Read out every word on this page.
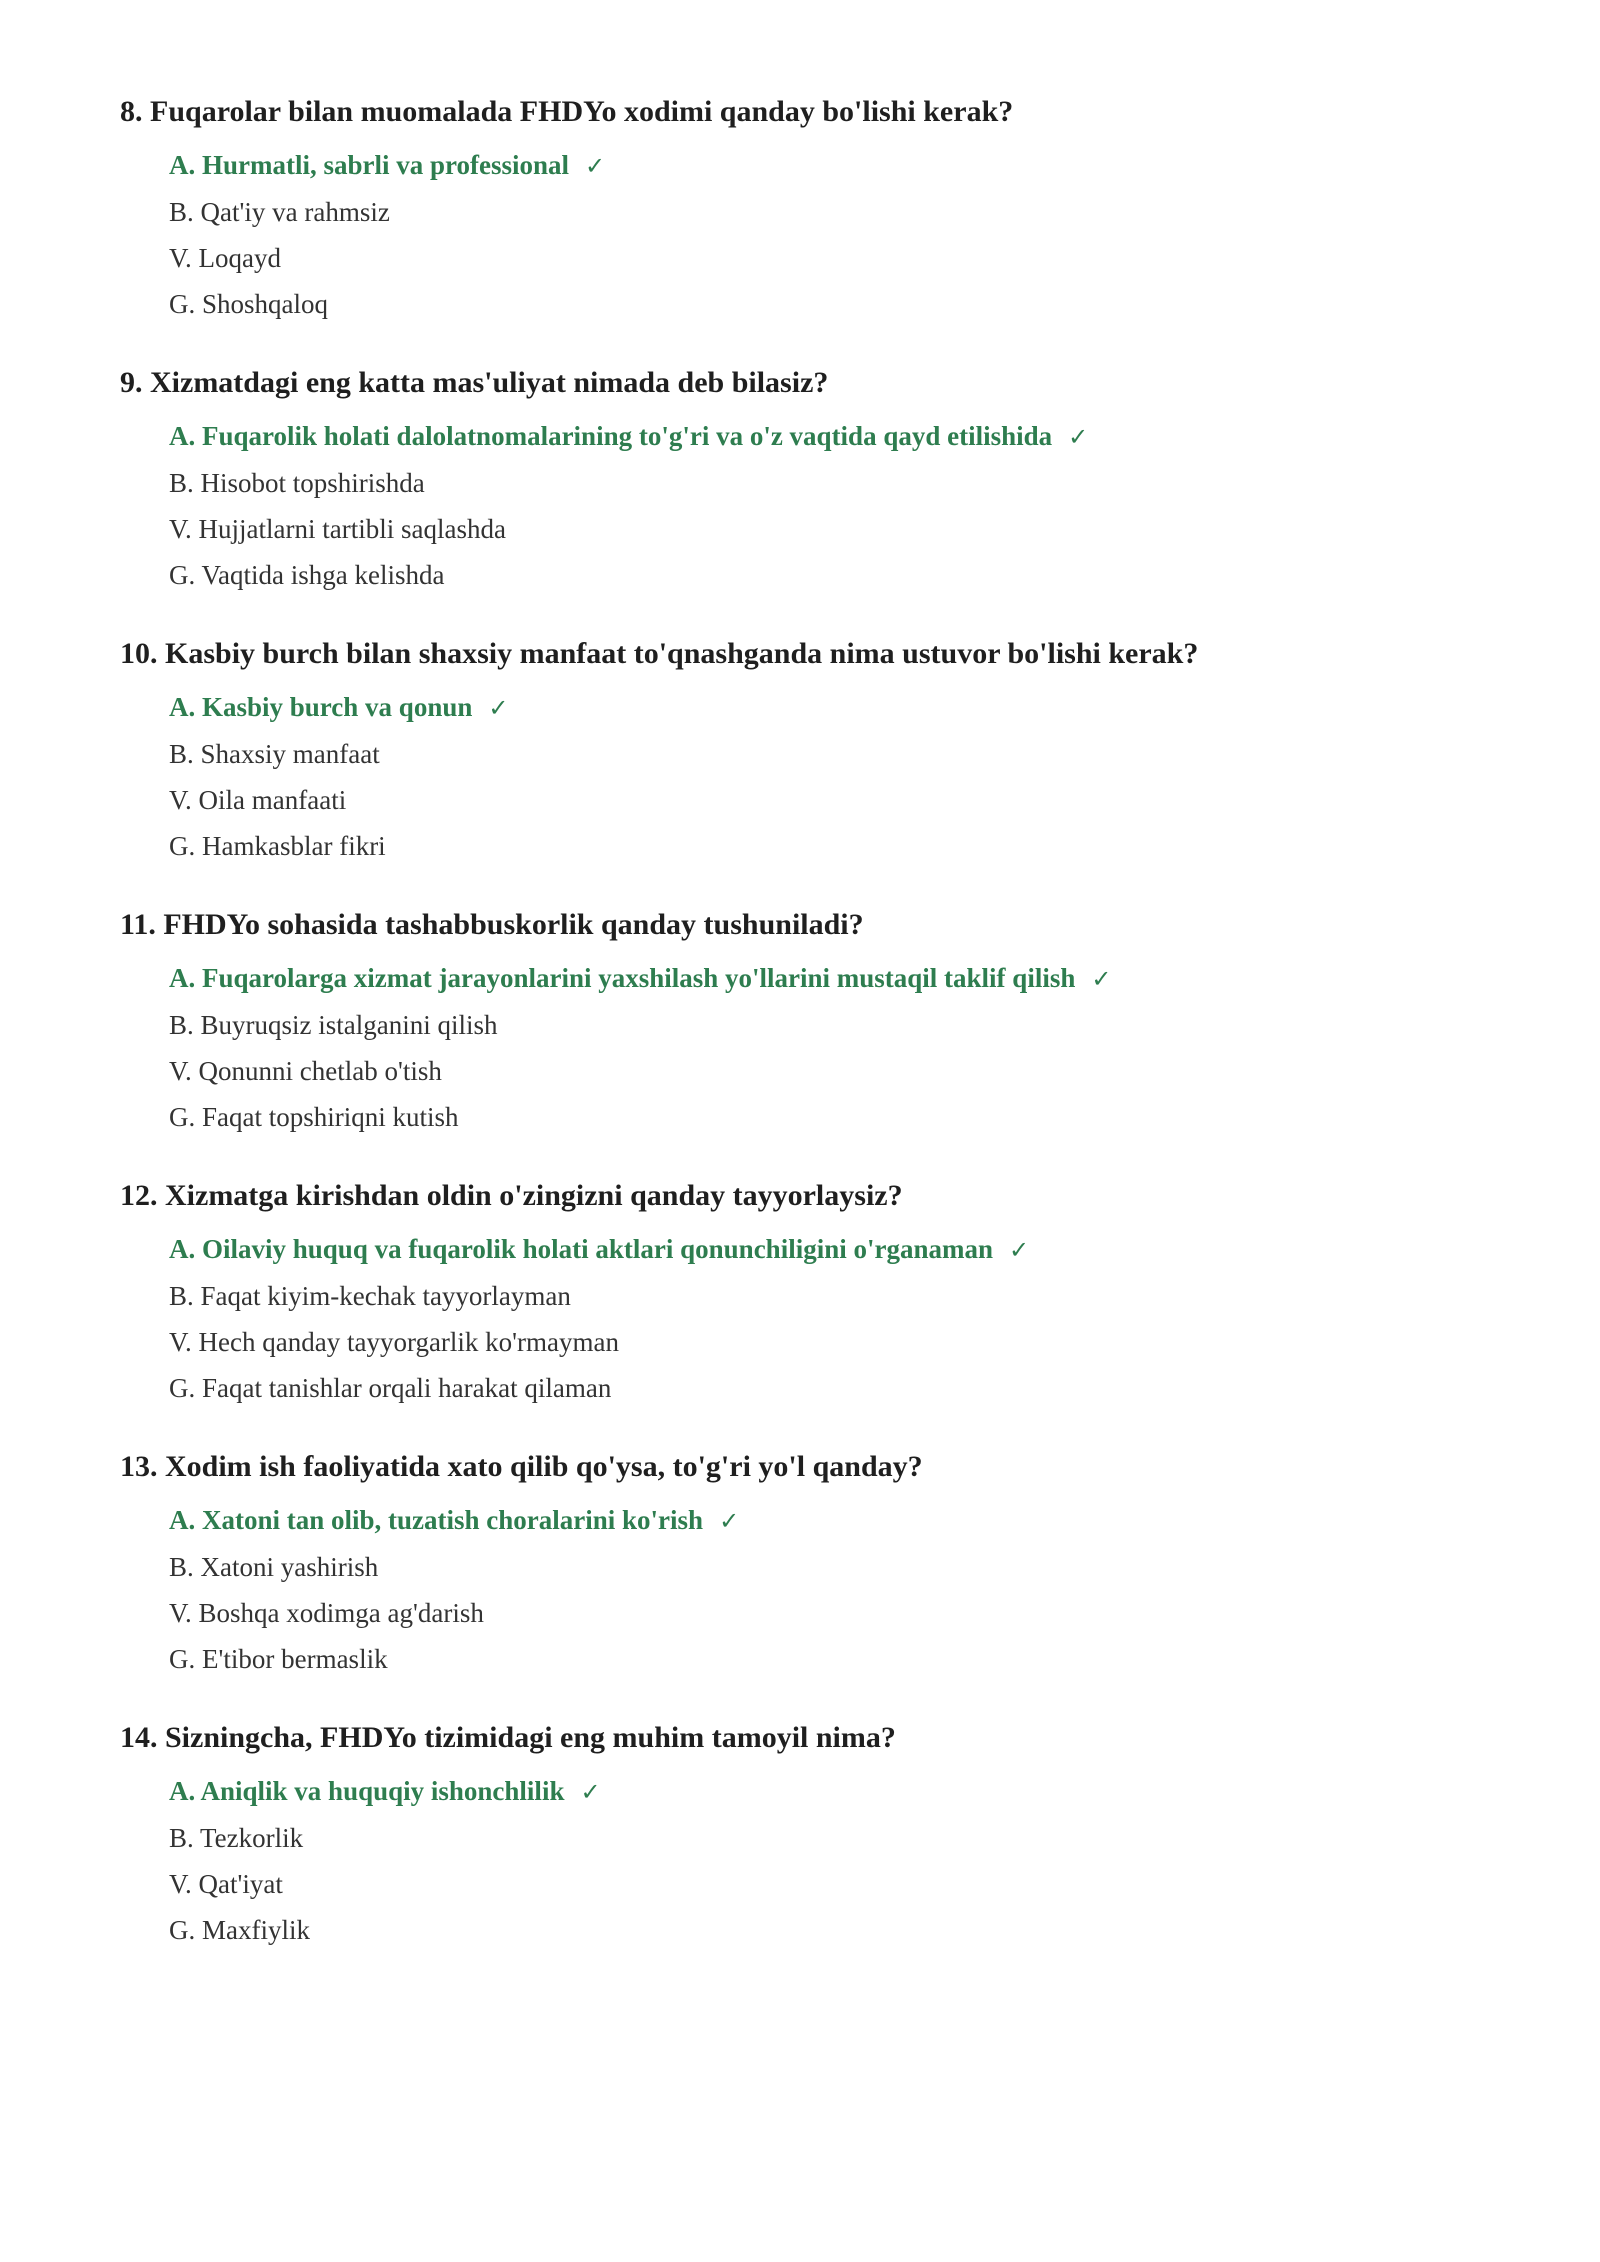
8. Fuqarolar bilan muomalada FHDYo xodimi qanday bo'lishi kerak?
A. Hurmatli, sabrli va professional ✓
B. Qat'iy va rahmsiz
V. Loqayd
G. Shoshqaloq
9. Xizmatdagi eng katta mas'uliyat nimada deb bilasiz?
A. Fuqarolik holati dalolatnomalarining to'g'ri va o'z vaqtida qayd etilishida ✓
B. Hisobot topshirishda
V. Hujjatlarni tartibli saqlashda
G. Vaqtida ishga kelishda
10. Kasbiy burch bilan shaxsiy manfaat to'qnashganda nima ustuvor bo'lishi kerak?
A. Kasbiy burch va qonun ✓
B. Shaxsiy manfaat
V. Oila manfaati
G. Hamkasblar fikri
11. FHDYo sohasida tashabbuskorlik qanday tushuniladi?
A. Fuqarolarga xizmat jarayonlarini yaxshilash yo'llarini mustaqil taklif qilish ✓
B. Buyruqsiz istalganini qilish
V. Qonunni chetlab o'tish
G. Faqat topshiriqni kutish
12. Xizmatga kirishdan oldin o'zingizni qanday tayyorlaysiz?
A. Oilaviy huquq va fuqarolik holati aktlari qonunchiligini o'rganaman ✓
B. Faqat kiyim-kechak tayyorlayman
V. Hech qanday tayyorgarlik ko'rmayman
G. Faqat tanishlar orqali harakat qilaman
13. Xodim ish faoliyatida xato qilib qo'ysa, to'g'ri yo'l qanday?
A. Xatoni tan olib, tuzatish choralarini ko'rish ✓
B. Xatoni yashirish
V. Boshqa xodimga ag'darish
G. E'tibor bermaslik
14. Sizningcha, FHDYo tizimidagi eng muhim tamoyil nima?
A. Aniqlik va huquqiy ishonchlilik ✓
B. Tezkorlik
V. Qat'iyat
G. Maxfiylik
